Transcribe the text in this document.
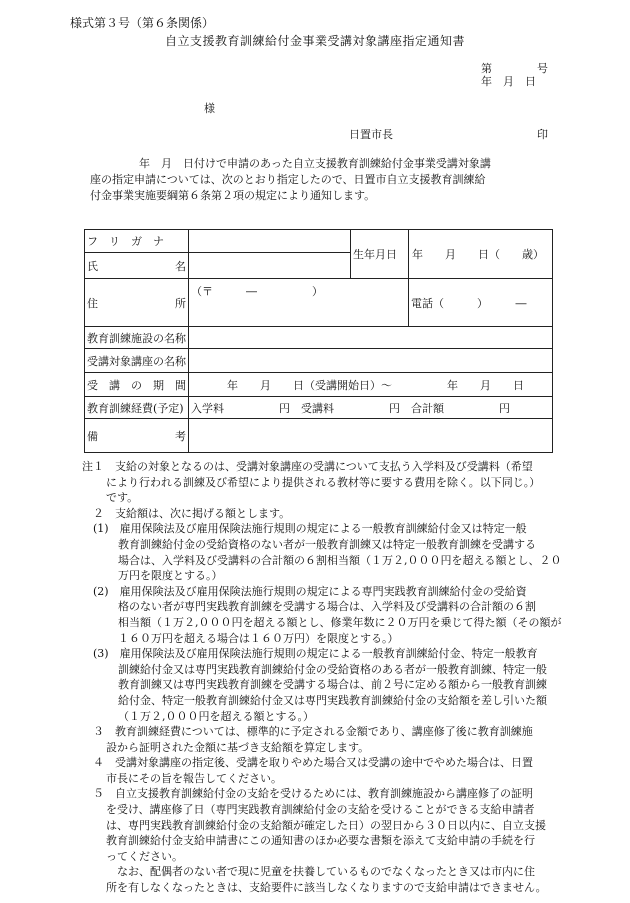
様式第３号（第６条関係）
自立支援教育訓練給付金事業受講対象講座指定通知書
第	号
年　月　日
様
日置市長	印
年　月　日付けで申請のあった自立支援教育訓練給付金事業受講対象講
座の指定申請については、次のとおり指定したので、日置市自立支援教育訓練給
付金事業実施要綱第６条第２項の規定により通知します。
フ　リ　ガ　ナ		生年月日	年　　月　　日（　　歳）

氏 名			

住 所	（〒　　　―　　　　　）		電話（　　　）　　　―
教育訓練施設の名称			
受講対象講座の名称			

受 講 の 期 間	年　　月　　日（受講開始日）～　　　　　年　　月　　日		
教育訓練経費(予定)	入学料　　　　　円　受講料　　　　　円　合計額　　　　　円		

備 考			

注１　支給の対象となるのは、受講対象講座の受講について支払う入学料及び受講料（希望
により行われる訓練及び希望により提供される教材等に要する費用を除く。以下同じ。）
です。
　２　支給額は、次に掲げる額とします。
　(1)　雇用保険法及び雇用保険法施行規則の規定による一般教育訓練給付金又は特定一般
教育訓練給付金の受給資格のない者が一般教育訓練又は特定一般教育訓練を受講する
場合は、入学料及び受講料の合計額の６割相当額（１万２,０００円を超える額とし、２０
万円を限度とする。）
　(2)　雇用保険法及び雇用保険法施行規則の規定による専門実践教育訓練給付金の受給資
格のない者が専門実践教育訓練を受講する場合は、入学料及び受講料の合計額の６割
相当額（１万２,０００円を超える額とし、修業年数に２０万円を乗じて得た額（その額が
１６０万円を超える場合は１６０万円）を限度とする。）
　(3)　雇用保険法及び雇用保険法施行規則の規定による一般教育訓練給付金、特定一般教育
訓練給付金又は専門実践教育訓練給付金の受給資格のある者が一般教育訓練、特定一般
教育訓練又は専門実践教育訓練を受講する場合は、前２号に定める額から一般教育訓練
給付金、特定一般教育訓練給付金又は専門実践教育訓練給付金の支給額を差し引いた額
（１万２,０００円を超える額とする。）
　３　教育訓練経費については、標準的に予定される金額であり、講座修了後に教育訓練施
設から証明された金額に基づき支給額を算定します。
　４　受講対象講座の指定後、受講を取りやめた場合又は受講の途中でやめた場合は、日置
市長にその旨を報告してください。
　５　自立支援教育訓練給付金の支給を受けるためには、教育訓練施設から講座修了の証明
を受け、講座修了日（専門実践教育訓練給付金の支給を受けることができる支給申請者
は、専門実践教育訓練給付金の支給額が確定した日）の翌日から３０日以内に、自立支援
教育訓練給付金支給申請書にこの通知書のほか必要な書類を添えて支給申請の手続を行
ってください。
　なお、配偶者のない者で現に児童を扶養しているものでなくなったとき又は市内に住
所を有しなくなったときは、支給要件に該当しなくなりますので支給申請はできません。
